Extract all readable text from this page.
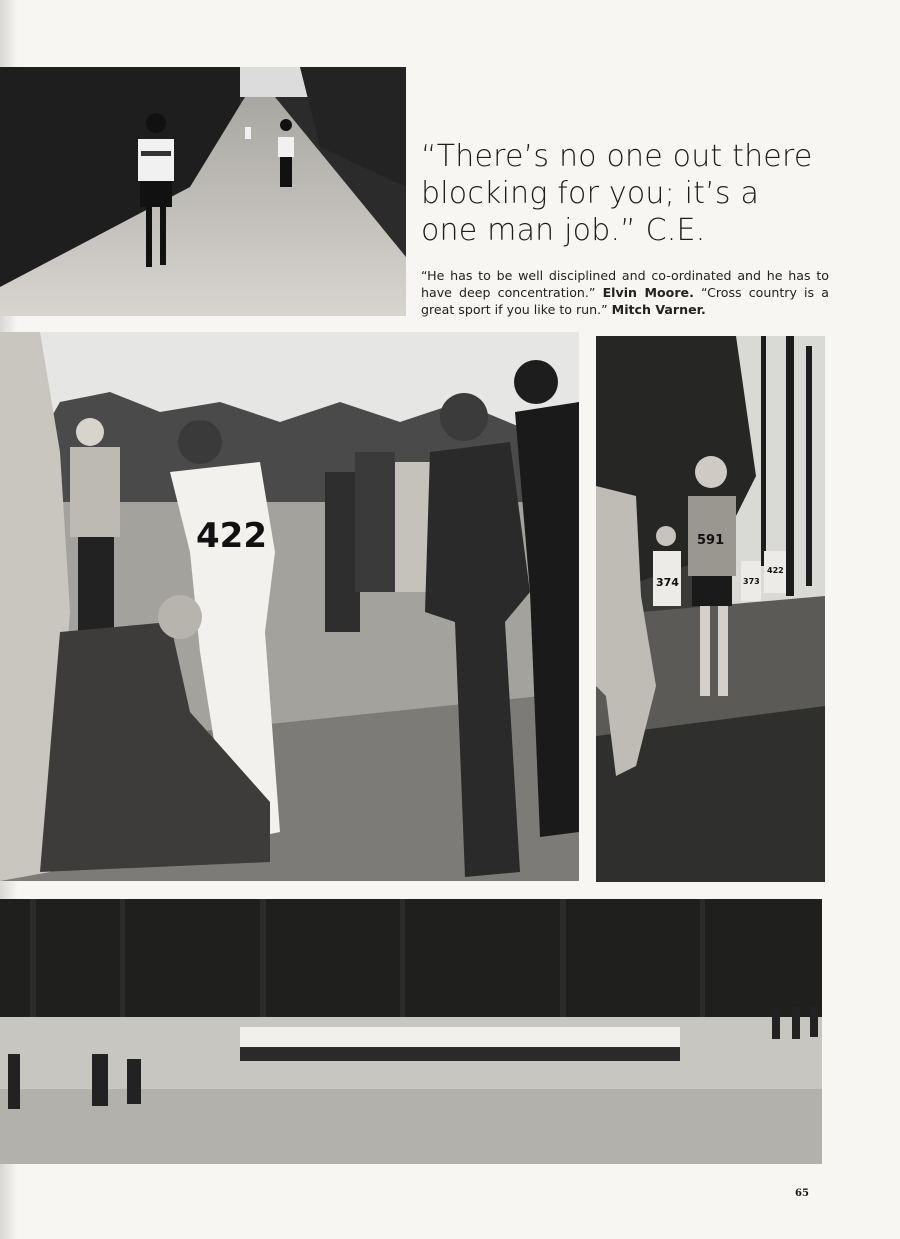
“There’s no one out there
blocking for you; it’s a
one man job.” C.E.
“He has to be well disciplined and co-ordinated and he has to have deep concentration.” Elvin Moore. “Cross country is a great sport if you like to run.” Mitch Varner.
422	591
374	373
422
65
